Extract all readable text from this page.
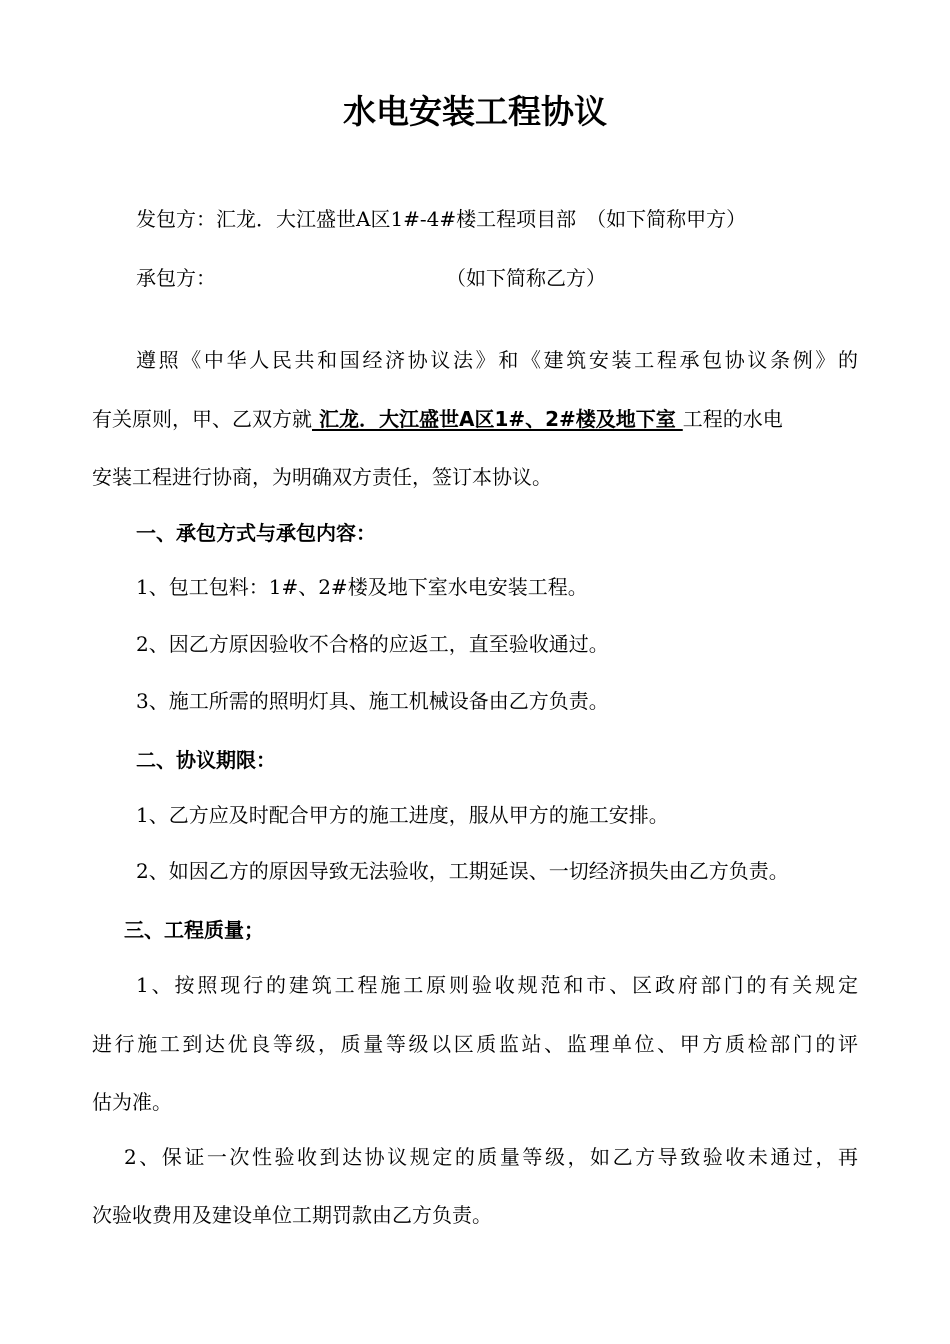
水电安装工程协议
发包方：汇龙．大江盛世A区1#-4#楼工程项目部　（如下简称甲方）
承包方：	（如下简称乙方）
遵照《中华人民共和国经济协议法》和《建筑安装工程承包协议条例》的
有关原则，甲、乙双方就 汇龙．大江盛世A区1#、2#楼及地下室 工程的水电
安装工程进行协商，为明确双方责任，签订本协议。
一、承包方式与承包内容：
1、包工包料：1#、2#楼及地下室水电安装工程。
2、因乙方原因验收不合格的应返工，直至验收通过。
3、施工所需的照明灯具、施工机械设备由乙方负责。
二、协议期限：
1、乙方应及时配合甲方的施工进度，服从甲方的施工安排。
2、如因乙方的原因导致无法验收，工期延误、一切经济损失由乙方负责。
三、工程质量；
1、按照现行的建筑工程施工原则验收规范和市、区政府部门的有关规定
进行施工到达优良等级，质量等级以区质监站、监理单位、甲方质检部门的评
估为准。
2、保证一次性验收到达协议规定的质量等级，如乙方导致验收未通过，再
次验收费用及建设单位工期罚款由乙方负责。
